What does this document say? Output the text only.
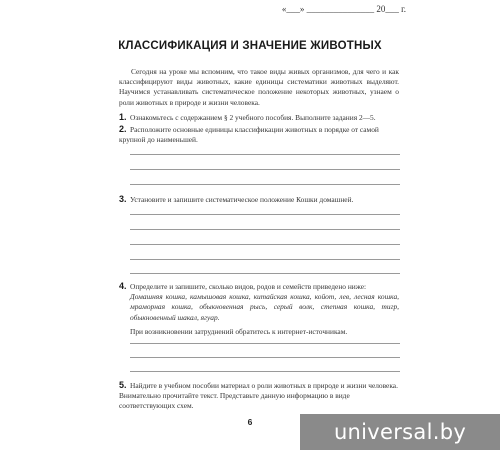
«___» _______________ 20___ г.
КЛАССИФИКАЦИЯ И ЗНАЧЕНИЕ ЖИВОТНЫХ
Сегодня на уроке мы вспомним, что такое виды живых организмов, для чего и как классифицируют виды животных, какие единицы систематики животных выделяют. Научимся устанавливать систематическое положение некоторых животных, узнаем о роли животных в природе и жизни человека.
1. Ознакомьтесь с содержанием § 2 учебного пособия. Выполните задания 2—5.
2. Расположите основные единицы классификации животных в порядке от самой крупной до наименьшей.
3. Установите и запишите систематическое положение Кошки домашней.
4. Определите и запишите, сколько видов, родов и семейств приведено ниже:
Домашняя кошка, камышовая кошка, китайская кошка, койот, лев, лесная кошка, мраморная кошка, обыкновенная рысь, серый волк, степная кошка, тигр, обыкновенный шакал, ягуар.
При возникновении затруднений обратитесь к интернет-источникам.
5. Найдите в учебном пособии материал о роли животных в природе и жизни человека. Внимательно прочитайте текст. Представьте данную информацию в виде соответствующих схем.
6	universal.by
